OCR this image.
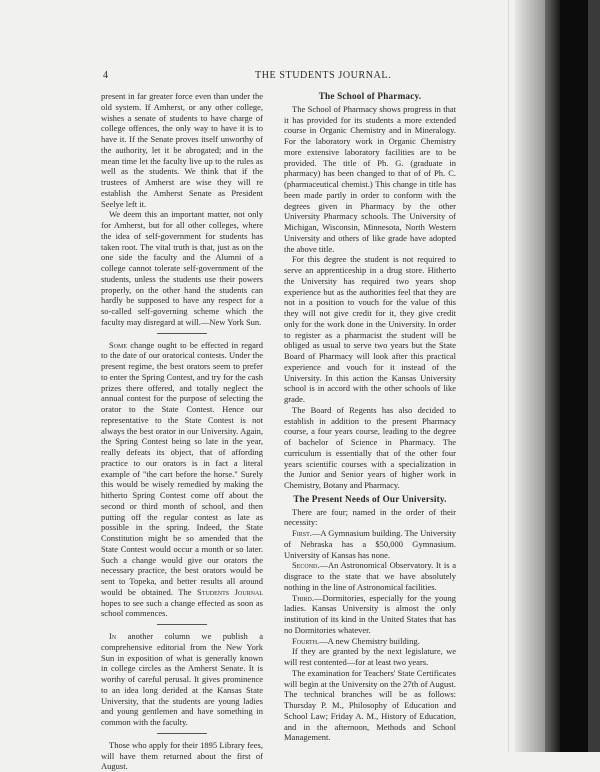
4	THE STUDENTS JOURNAL.

present in far greater force even than under the old system. If Amherst, or any other college, wishes a senate of students to have charge of college offences, the only way to have it is to have it. If the Senate proves itself unworthy of the authority, let it be abrogated; and in the mean time let the faculty live up to the rules as well as the students. We think that if the trustees of Amherst are wise they will re establish the Amherst Senate as President Seelye left it.

We deem this an important matter, not only for Amherst, but for all other colleges, where the idea of self-government for students has taken root. The vital truth is that, just as on the one side the faculty and the Alumni of a college cannot tolerate self-government of the students, unless the students use their powers properly, on the other hand the students can hardly be supposed to have any respect for a so-called self-governing scheme which the faculty may disregard at will.—New York Sun.

Some change ought to be effected in regard to the date of our oratorical contests. Under the present regime, the best orators seem to prefer to enter the Spring Contest, and try for the cash prizes there offered, and totally neglect the annual contest for the purpose of selecting the orator to the State Contest. Hence our representative to the State Contest is not always the best orator in our University. Again, the Spring Contest being so late in the year, really defeats its object, that of affording practice to our orators is in fact a literal example of "the cart before the horse." Surely this would be wisely remedied by making the hitherto Spring Contest come off about the second or third month of school, and then putting off the regular contest as late as possible in the spring. Indeed, the State Constitution might be so amended that the State Contest would occur a month or so later. Such a change would give our orators the necessary practice, the best orators would be sent to Topeka, and better results all around would be obtained. The Students Journal hopes to see such a change effected as soon as school commences.

In another column we publish a comprehensive editorial from the New York Sun in exposition of what is generally known in college circles as the Amherst Senate. It is worthy of careful perusal. It gives prominence to an idea long derided at the Kansas State University, that the students are young ladies and young gentlemen and have something in common with the faculty.

Those who apply for their 1895 Library fees, will have them returned about the first of August.

The School of Pharmacy.

The School of Pharmacy shows progress in that it has provided for its students a more extended course in Organic Chemistry and in Mineralogy. For the laboratory work in Organic Chemistry more extensive laboratory facilities are to be provided. The title of Ph. G. (graduate in pharmacy) has been changed to that of of Ph. C. (pharmaceutical chemist.) This change in title has been made partly in order to conform with the degrees given in Pharmacy by the other University Pharmacy schools. The University of Michigan, Wisconsin, Minnesota, North Western University and others of like grade have adopted the above title.

For this degree the student is not required to serve an apprenticeship in a drug store. Hitherto the University has required two years shop experience but as the authorities feel that they are not in a position to vouch for the value of this they will not give credit for it, they give credit only for the work done in the University. In order to register as a pharmacist the student will be obliged as usual to serve two years but the State Board of Pharmacy will look after this practical experience and vouch for it instead of the University. In this action the Kansas University school is in accord with the other schools of like grade.

The Board of Regents has also decided to establish in addition to the present Pharmacy course, a four years course, leading to the degree of bachelor of Science in Pharmacy. The curriculum is essentially that of the other four years scientific courses with a specialization in the Junior and Senior years of higher work in Chemistry, Botany and Pharmacy.

The Present Needs of Our University.

There are four; named in the order of their necessity:

First.—A Gymnasium building. The University of Nebraska has a $50,000 Gymnasium. University of Kansas has none.

Second.—An Astronomical Observatory. It is a disgrace to the state that we have absolutely nothing in the line of Astronomical facilities.

Third.—Dormitories, especially for the young ladies. Kansas University is almost the only institution of its kind in the United States that has no Dormitories whatever.

Fourth.—A new Chemistry building.

If they are granted by the next legislature, we will rest contented—for at least two years.

The examination for Teachers' State Certificates will begin at the University on the 27th of August. The technical branches will be as follows: Thursday P. M., Philosophy of Education and School Law; Friday A. M., History of Education, and in the afternoon, Methods and School Management.
